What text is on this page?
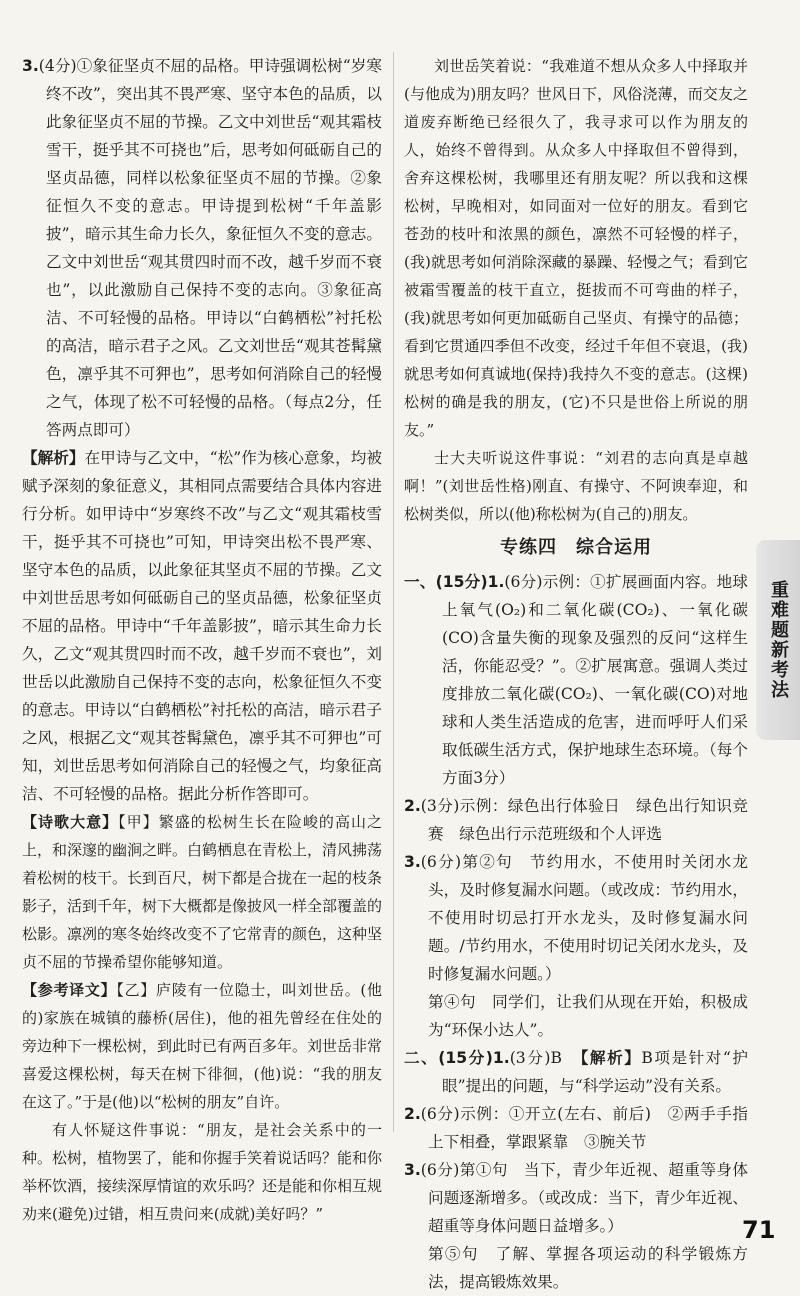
3.(4分)①象征坚贞不屈的品格。甲诗强调松树“岁寒终不改”，突出其不畏严寒、坚守本色的品质，以此象征坚贞不屈的节操。乙文中刘世岳“观其霜枝雪干，挺乎其不可挠也”后，思考如何砥砺自己的坚贞品德，同样以松象征坚贞不屈的节操。②象征恒久不变的意志。甲诗提到松树“千年盖影披”，暗示其生命力长久，象征恒久不变的意志。乙文中刘世岳“观其贯四时而不改，越千岁而不衰也”，以此激励自己保持不变的志向。③象征高洁、不可轻慢的品格。甲诗以“白鹤栖松”衬托松的高洁，暗示君子之风。乙文刘世岳“观其苍髯黛色，凛乎其不可狎也”，思考如何消除自己的轻慢之气，体现了松不可轻慢的品格。（每点2分，任答两点即可）

【解析】在甲诗与乙文中，“松”作为核心意象，均被赋予深刻的象征意义，其相同点需要结合具体内容进行分析。如甲诗中“岁寒终不改”与乙文“观其霜枝雪干，挺乎其不可挠也”可知，甲诗突出松不畏严寒、坚守本色的品质，以此象征其坚贞不屈的节操。乙文中刘世岳思考如何砥砺自己的坚贞品德，松象征坚贞不屈的品格。甲诗中“千年盖影披”，暗示其生命力长久，乙文“观其贯四时而不改，越千岁而不衰也”，刘世岳以此激励自己保持不变的志向，松象征恒久不变的意志。甲诗以“白鹤栖松”衬托松的高洁，暗示君子之风，根据乙文“观其苍髯黛色，凛乎其不可狎也”可知，刘世岳思考如何消除自己的轻慢之气，均象征高洁、不可轻慢的品格。据此分析作答即可。

【诗歌大意】【甲】繁盛的松树生长在险峻的高山之上，和深邃的幽涧之畔。白鹤栖息在青松上，清风拂荡着松树的枝干。长到百尺，树下都是合拢在一起的枝条影子，活到千年，树下大概都是像披风一样全部覆盖的松影。凛冽的寒冬始终改变不了它常青的颜色，这种坚贞不屈的节操希望你能够知道。

【参考译文】【乙】庐陵有一位隐士，叫刘世岳。(他的)家族在城镇的藤桥(居住)，他的祖先曾经在住处的旁边种下一棵松树，到此时已有两百多年。刘世岳非常喜爱这棵松树，每天在树下徘徊，(他)说：“我的朋友在这了。”于是(他)以“松树的朋友”自许。

有人怀疑这件事说：“朋友，是社会关系中的一种。松树，植物罢了，能和你握手笑着说话吗？能和你举杯饮酒，接续深厚情谊的欢乐吗？还是能和你相互规劝来(避免)过错，相互贵问来(成就)美好吗？”

刘世岳笑着说：“我难道不想从众多人中择取并(与他成为)朋友吗？世风日下，风俗浇薄，而交友之道废弃断绝已经很久了，我寻求可以作为朋友的人，始终不曾得到。从众多人中择取但不曾得到，舍弃这棵松树，我哪里还有朋友呢？所以我和这棵松树，早晚相对，如同面对一位好的朋友。看到它苍劲的枝叶和浓黑的颜色，凛然不可轻慢的样子，(我)就思考如何消除深藏的暴躁、轻慢之气；看到它被霜雪覆盖的枝干直立，挺拔而不可弯曲的样子，(我)就思考如何更加砥砺自己坚贞、有操守的品德；看到它贯通四季但不改变，经过千年但不衰退，(我)就思考如何真诚地(保持)我持久不变的意志。(这棵)松树的确是我的朋友，(它)不只是世俗上所说的朋友。”

士大夫听说这件事说：“刘君的志向真是卓越啊！”(刘世岳性格)刚直、有操守、不阿谀奉迎，和松树类似，所以(他)称松树为(自己的)朋友。

专练四　综合运用

一、(15分)1.(6分)示例：①扩展画面内容。地球上氧气(O₂)和二氧化碳(CO₂)、一氧化碳(CO)含量失衡的现象及强烈的反问“这样生活，你能忍受？”。②扩展寓意。强调人类过度排放二氧化碳(CO₂)、一氧化碳(CO)对地球和人类生活造成的危害，进而呼吁人们采取低碳生活方式，保护地球生态环境。（每个方面3分）

2.(3分)示例：绿色出行体验日　绿色出行知识竞赛　绿色出行示范班级和个人评选

3.(6分)第②句　节约用水，不使用时关闭水龙头，及时修复漏水问题。（或改成：节约用水，不使用时切忌打开水龙头，及时修复漏水问题。/节约用水，不使用时切记关闭水龙头，及时修复漏水问题。）

第④句　同学们，让我们从现在开始，积极成为“环保小达人”。

二、(15分)1.(3分)B　【解析】B项是针对“护眼”提出的问题，与“科学运动”没有关系。

2.(6分)示例：①开立(左右、前后)　②两手手指上下相叠，掌跟紧靠　③腕关节

3.(6分)第①句　当下，青少年近视、超重等身体问题逐渐增多。（或改成：当下，青少年近视、超重等身体问题日益增多。）

第⑤句　了解、掌握各项运动的科学锻炼方法，提高锻炼效果。

重难题新考法
71
